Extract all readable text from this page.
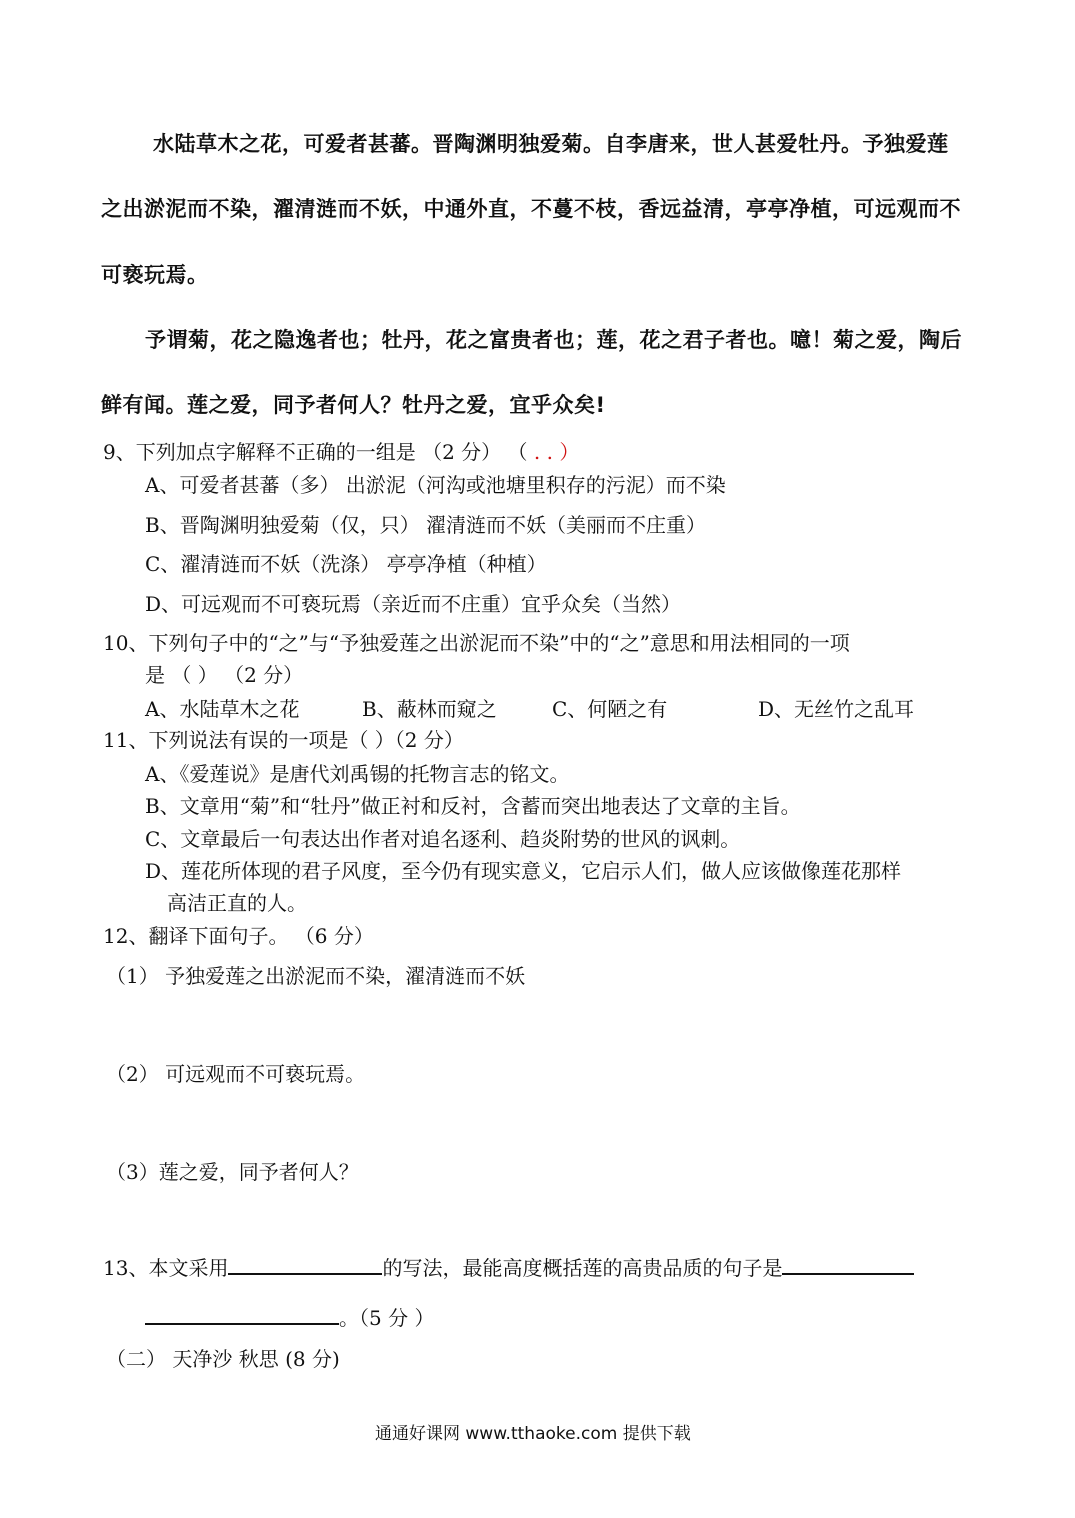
水陆草木之花，可爱者甚蕃。晋陶渊明独爱菊。自李唐来，世人甚爱牡丹。予独爱莲
之出淤泥而不染，濯清涟而不妖，中通外直，不蔓不枝，香远益清，亭亭净植，可远观而不
可亵玩焉。
予谓菊，花之隐逸者也；牡丹，花之富贵者也；莲，花之君子者也。噫！菊之爱，陶后
鲜有闻。莲之爱，同予者何人？牡丹之爱，宜乎众矣!
9、下列加点字解释不正确的一组是 （2 分） （ . . ）
A、可爱者甚蕃（多） 出淤泥（河沟或池塘里积存的污泥）而不染
B、晋陶渊明独爱菊（仅，只） 濯清涟而不妖（美丽而不庄重）
C、濯清涟而不妖（洗涤） 亭亭净植（种植）
D、可远观而不可亵玩焉（亲近而不庄重）宜乎众矣（当然）
10、下列句子中的“之”与“予独爱莲之出淤泥而不染”中的“之”意思和用法相同的一项
是 （ ） （2 分）
A、水陆草木之花	B、蔽林而窥之	C、何陋之有	D、无丝竹之乱耳
11、下列说法有误的一项是（ ）（2 分）
A、《爱莲说》是唐代刘禹锡的托物言志的铭文。
B、文章用“菊”和“牡丹”做正衬和反衬，含蓄而突出地表达了文章的主旨。
C、文章最后一句表达出作者对追名逐利、趋炎附势的世风的讽刺。
D、莲花所体现的君子风度，至今仍有现实意义，它启示人们，做人应该做像莲花那样
高洁正直的人。
12、翻译下面句子。 （6 分）
（1） 予独爱莲之出淤泥而不染，濯清涟而不妖
（2） 可远观而不可亵玩焉。
（3）莲之爱，同予者何人？
13、本文采用	的写法，最能高度概括莲的高贵品质的句子是
。（5 分 ）
（二） 天净沙 秋思 (8 分)
通通好课网 www.tthaoke.com 提供下载
